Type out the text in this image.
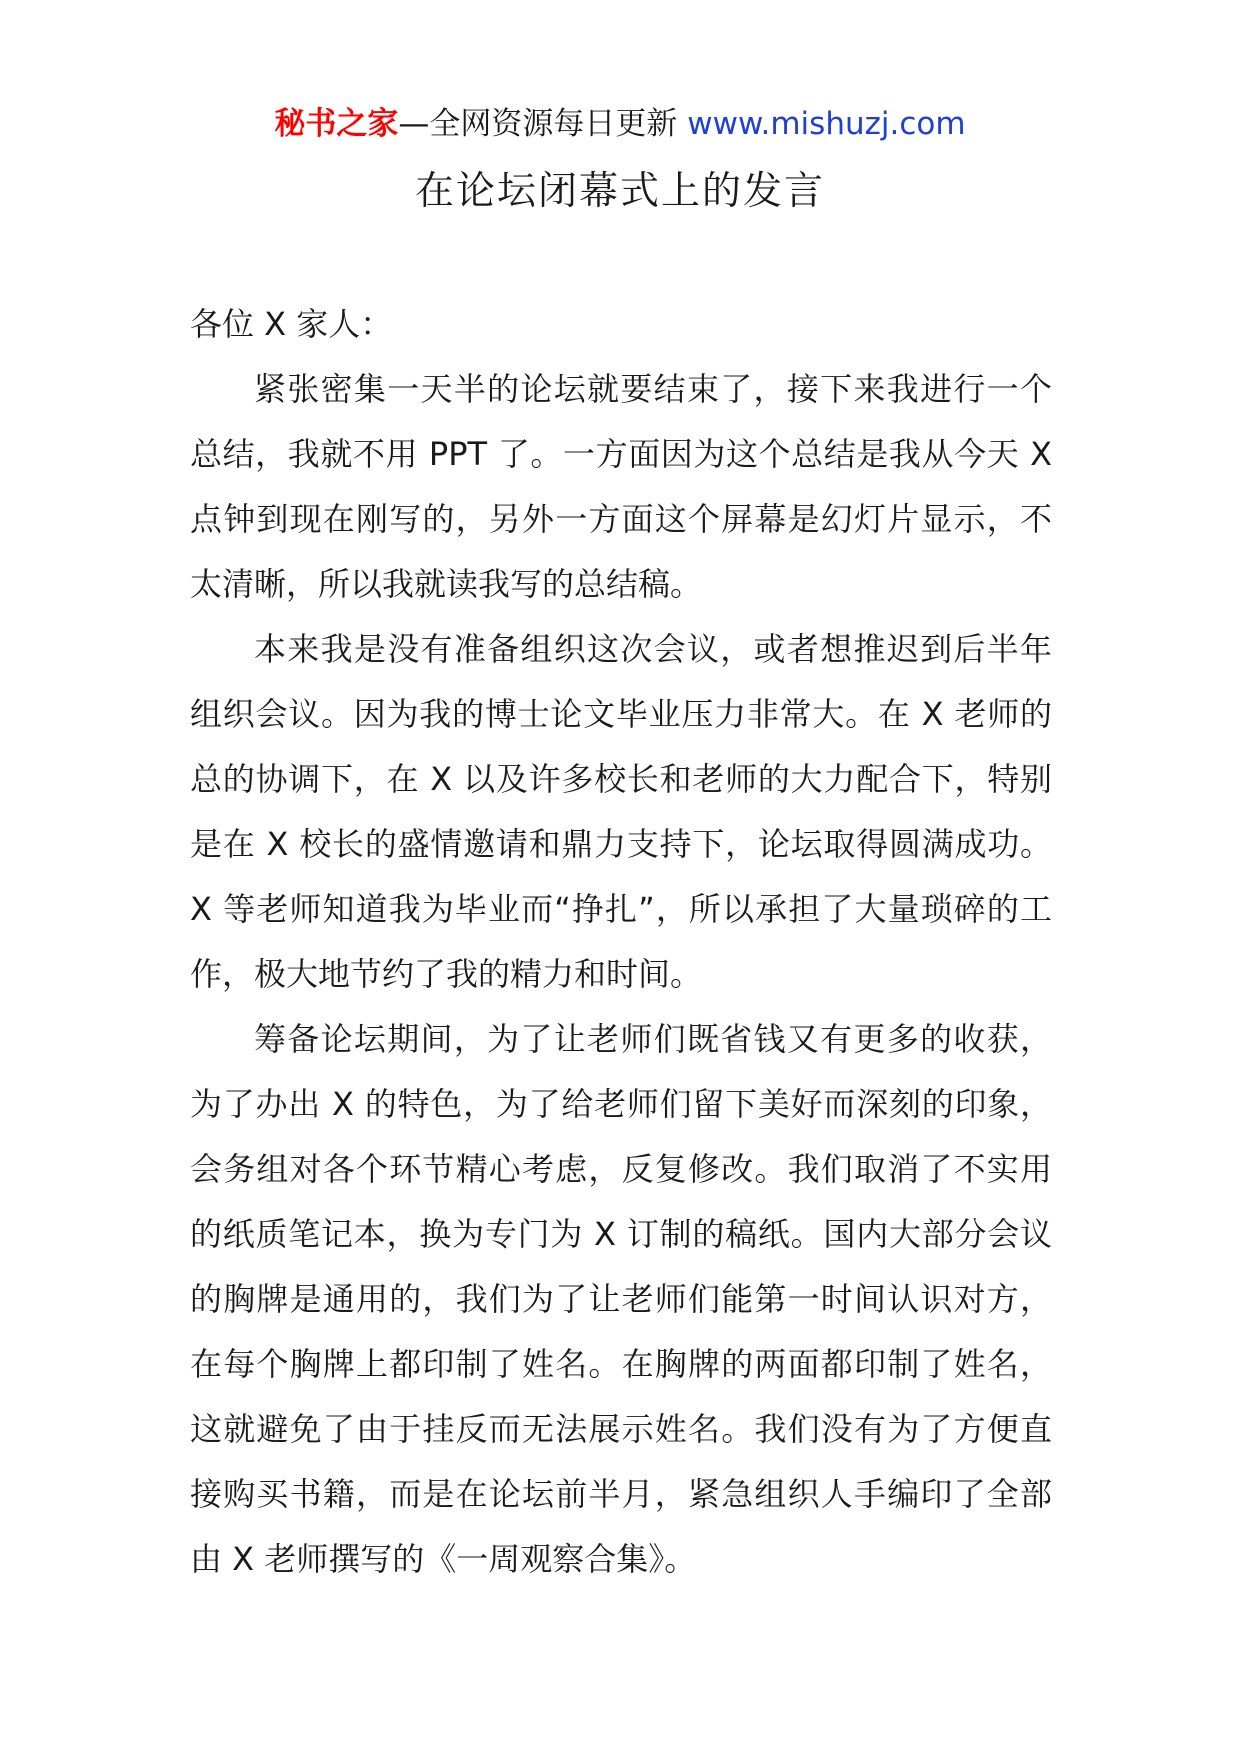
秘书之家—全网资源每日更新 www.mishuzj.com
在论坛闭幕式上的发言

各位 X 家人：

紧张密集一天半的论坛就要结束了，接下来我进行一个总结，我就不用 PPT 了。一方面因为这个总结是我从今天 X 点钟到现在刚写的，另外一方面这个屏幕是幻灯片显示，不太清晰，所以我就读我写的总结稿。

本来我是没有准备组织这次会议，或者想推迟到后半年组织会议。因为我的博士论文毕业压力非常大。在 X 老师的总的协调下，在 X 以及许多校长和老师的大力配合下，特别是在 X 校长的盛情邀请和鼎力支持下，论坛取得圆满成功。X 等老师知道我为毕业而“挣扎”，所以承担了大量琐碎的工作，极大地节约了我的精力和时间。

筹备论坛期间，为了让老师们既省钱又有更多的收获，为了办出 X 的特色，为了给老师们留下美好而深刻的印象，会务组对各个环节精心考虑，反复修改。我们取消了不实用的纸质笔记本，换为专门为 X 订制的稿纸。国内大部分会议的胸牌是通用的，我们为了让老师们能第一时间认识对方，在每个胸牌上都印制了姓名。在胸牌的两面都印制了姓名，这就避免了由于挂反而无法展示姓名。我们没有为了方便直接购买书籍，而是在论坛前半月，紧急组织人手编印了全部由 X 老师撰写的《一周观察合集》。
